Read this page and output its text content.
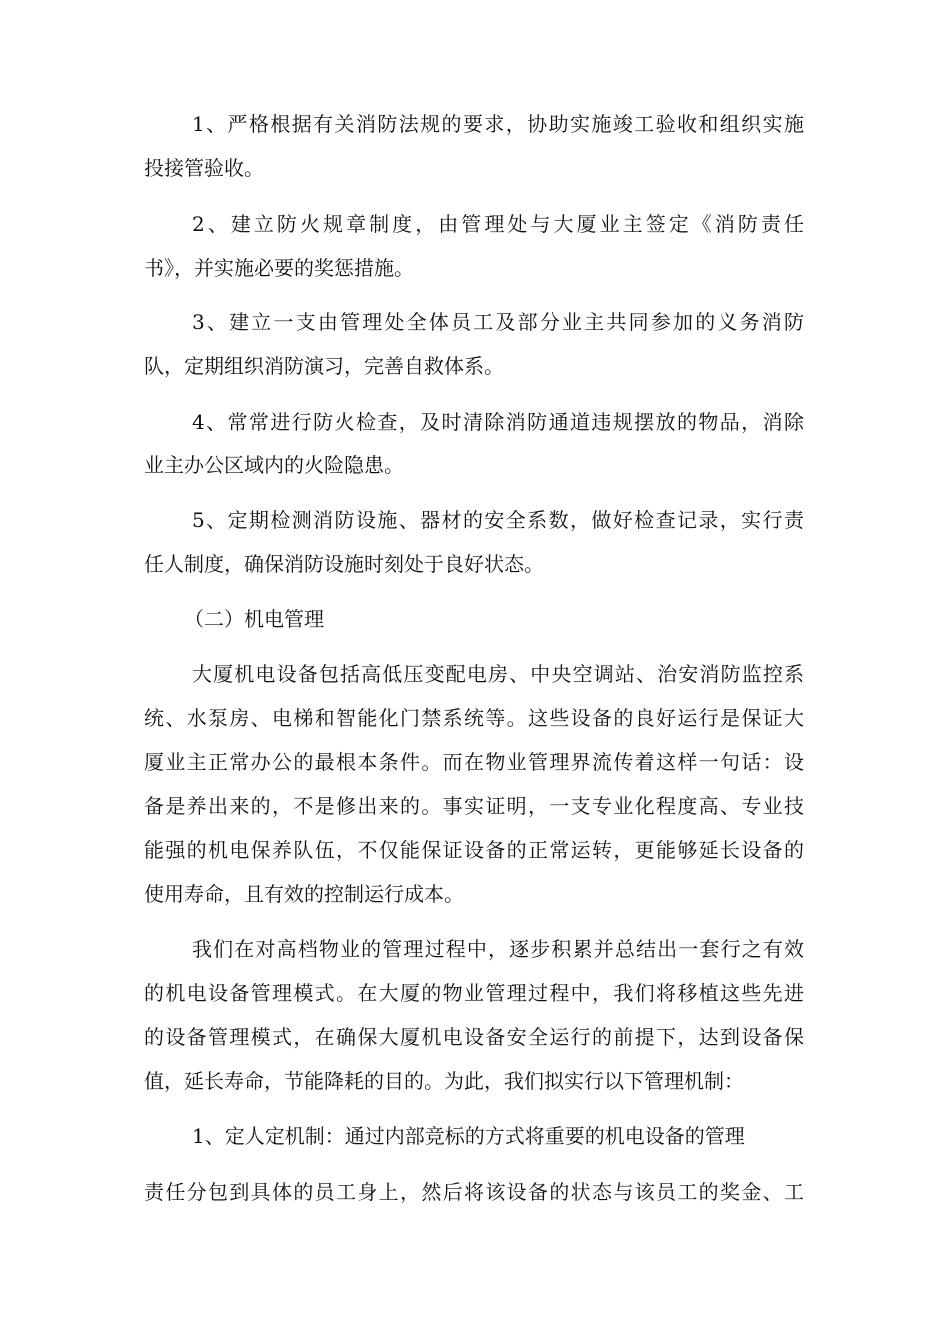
1、严格根据有关消防法规的要求，协助实施竣工验收和组织实施
投接管验收。
2、建立防火规章制度，由管理处与大厦业主签定《消防责任
书》，并实施必要的奖惩措施。
3、建立一支由管理处全体员工及部分业主共同参加的义务消防
队，定期组织消防演习，完善自救体系。
4、常常进行防火检查，及时清除消防通道违规摆放的物品，消除
业主办公区域内的火险隐患。
5、定期检测消防设施、器材的安全系数，做好检查记录，实行责
任人制度，确保消防设施时刻处于良好状态。
（二）机电管理
大厦机电设备包括高低压变配电房、中央空调站、治安消防监控系
统、水泵房、电梯和智能化门禁系统等。这些设备的良好运行是保证大
厦业主正常办公的最根本条件。而在物业管理界流传着这样一句话：设
备是养出来的，不是修出来的。事实证明，一支专业化程度高、专业技
能强的机电保养队伍，不仅能保证设备的正常运转，更能够延长设备的
使用寿命，且有效的控制运行成本。
我们在对高档物业的管理过程中，逐步积累并总结出一套行之有效
的机电设备管理模式。在大厦的物业管理过程中，我们将移植这些先进
的设备管理模式，在确保大厦机电设备安全运行的前提下，达到设备保
值，延长寿命，节能降耗的目的。为此，我们拟实行以下管理机制：
1、定人定机制：通过内部竞标的方式将重要的机电设备的管理
责任分包到具体的员工身上，然后将该设备的状态与该员工的奖金、工
